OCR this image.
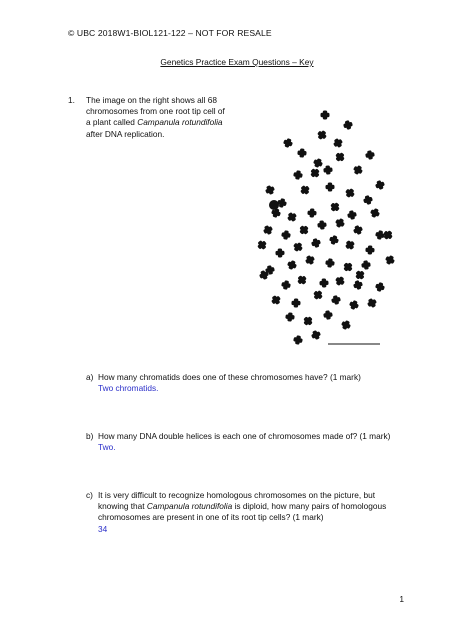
© UBC 2018W1-BIOL121-122 – NOT FOR RESALE
Genetics Practice Exam Questions – Key
1. The image on the right shows all 68
chromosomes from one root tip cell of
a plant called Campanula rotundifolia
after DNA replication.
a) How many chromatids does one of these chromosomes have? (1 mark)
Two chromatids.
b) How many DNA double helices is each one of chromosomes made of? (1 mark)
Two.
c) It is very difficult to recognize homologous chromosomes on the picture, but
knowing that Campanula rotundifolia is diploid, how many pairs of homologous
chromosomes are present in one of its root tip cells? (1 mark)
34
1
